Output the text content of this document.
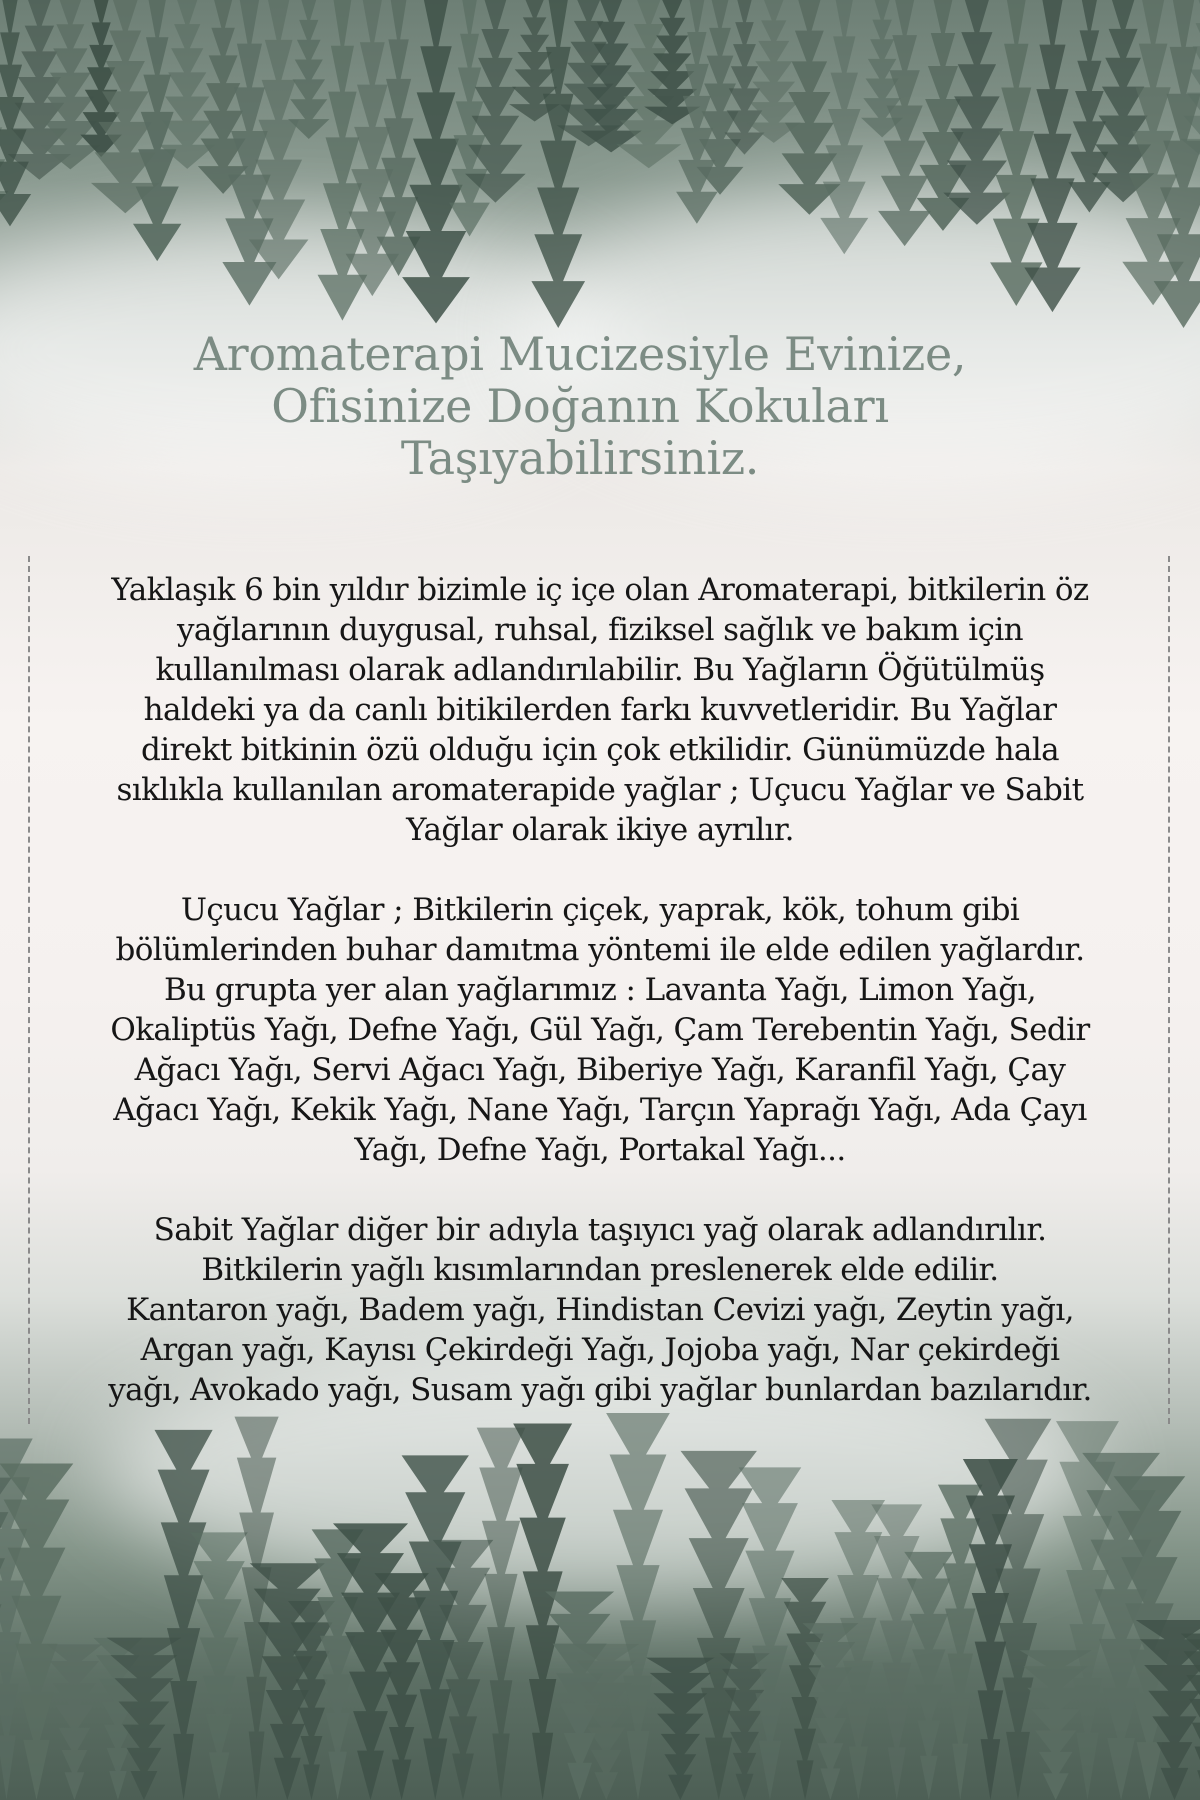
Aromaterapi Mucizesiyle Evinize,
Ofisinize Doğanın Kokuları
Taşıyabilirsiniz.

Yaklaşık 6 bin yıldır bizimle iç içe olan Aromaterapi, bitkilerin öz
yağlarının duygusal, ruhsal, fiziksel sağlık ve bakım için
kullanılması olarak adlandırılabilir. Bu Yağların Öğütülmüş
haldeki ya da canlı bitikilerden farkı kuvvetleridir. Bu Yağlar
direkt bitkinin özü olduğu için çok etkilidir. Günümüzde hala
sıklıkla kullanılan aromaterapide yağlar ; Uçucu Yağlar ve Sabit
Yağlar olarak ikiye ayrılır.

Uçucu Yağlar ; Bitkilerin çiçek, yaprak, kök, tohum gibi
bölümlerinden buhar damıtma yöntemi ile elde edilen yağlardır.
Bu grupta yer alan yağlarımız : Lavanta Yağı, Limon Yağı,
Okaliptüs Yağı, Defne Yağı, Gül Yağı, Çam Terebentin Yağı, Sedir
Ağacı Yağı, Servi Ağacı Yağı, Biberiye Yağı, Karanfil Yağı, Çay
Ağacı Yağı, Kekik Yağı, Nane Yağı, Tarçın Yaprağı Yağı, Ada Çayı
Yağı, Defne Yağı, Portakal Yağı...

Sabit Yağlar diğer bir adıyla taşıyıcı yağ olarak adlandırılır.
Bitkilerin yağlı kısımlarından preslenerek elde edilir.
Kantaron yağı, Badem yağı, Hindistan Cevizi yağı, Zeytin yağı,
Argan yağı, Kayısı Çekirdeği Yağı, Jojoba yağı, Nar çekirdeği
yağı, Avokado yağı, Susam yağı gibi yağlar bunlardan bazılarıdır.
